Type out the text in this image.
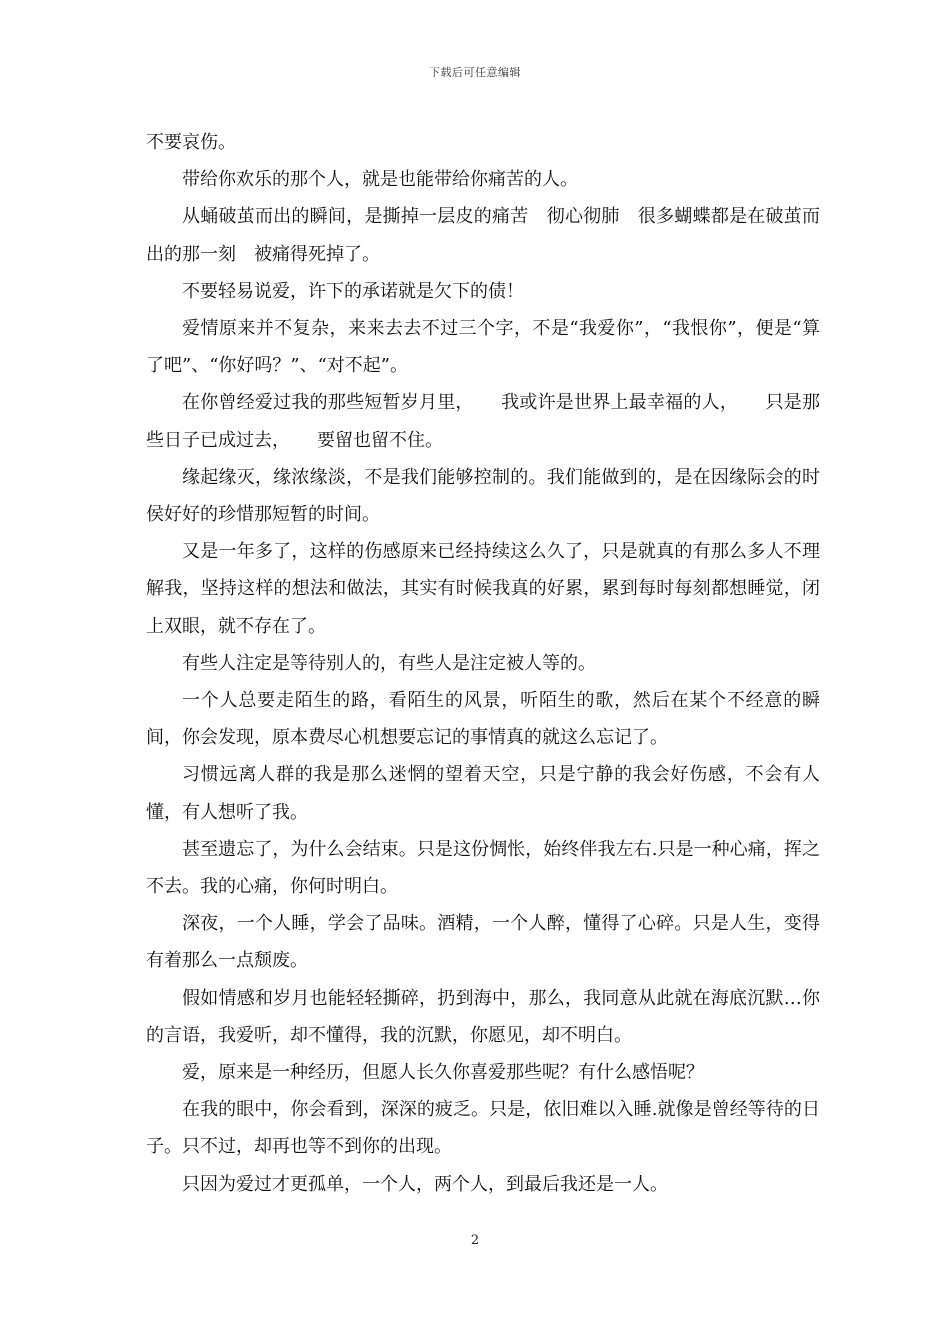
下载后可任意编辑

不要哀伤。

带给你欢乐的那个人，就是也能带给你痛苦的人。

从蛹破茧而出的瞬间，是撕掉一层皮的痛苦　彻心彻肺　很多蝴蝶都是在破茧而出的那一刻　被痛得死掉了。

不要轻易说爱，许下的承诺就是欠下的债！

爱情原来并不复杂，来来去去不过三个字，不是“我爱你”，“我恨你”，便是“算了吧”、“你好吗？”、“对不起”。

在你曾经爱过我的那些短暂岁月里，　　我或许是世界上最幸福的人，　　只是那些日子已成过去，　　要留也留不住。

缘起缘灭，缘浓缘淡，不是我们能够控制的。我们能做到的，是在因缘际会的时侯好好的珍惜那短暂的时间。

又是一年多了，这样的伤感原来已经持续这么久了，只是就真的有那么多人不理解我，坚持这样的想法和做法，其实有时候我真的好累，累到每时每刻都想睡觉，闭上双眼，就不存在了。

有些人注定是等待别人的，有些人是注定被人等的。

一个人总要走陌生的路，看陌生的风景，听陌生的歌，然后在某个不经意的瞬间，你会发现，原本费尽心机想要忘记的事情真的就这么忘记了。

习惯远离人群的我是那么迷惘的望着天空，只是宁静的我会好伤感，不会有人懂，有人想听了我。

甚至遗忘了，为什么会结束。只是这份惆怅，始终伴我左右.只是一种心痛，挥之不去。我的心痛，你何时明白。

深夜，一个人睡，学会了品味。酒精，一个人醉，懂得了心碎。只是人生，变得有着那么一点颓废。

假如情感和岁月也能轻轻撕碎，扔到海中，那么，我同意从此就在海底沉默…你的言语，我爱听，却不懂得，我的沉默，你愿见，却不明白。

爱，原来是一种经历，但愿人长久你喜爱那些呢？有什么感悟呢？

在我的眼中，你会看到，深深的疲乏。只是，依旧难以入睡.就像是曾经等待的日子。只不过，却再也等不到你的出现。

只因为爱过才更孤单，一个人，两个人，到最后我还是一人。

2
